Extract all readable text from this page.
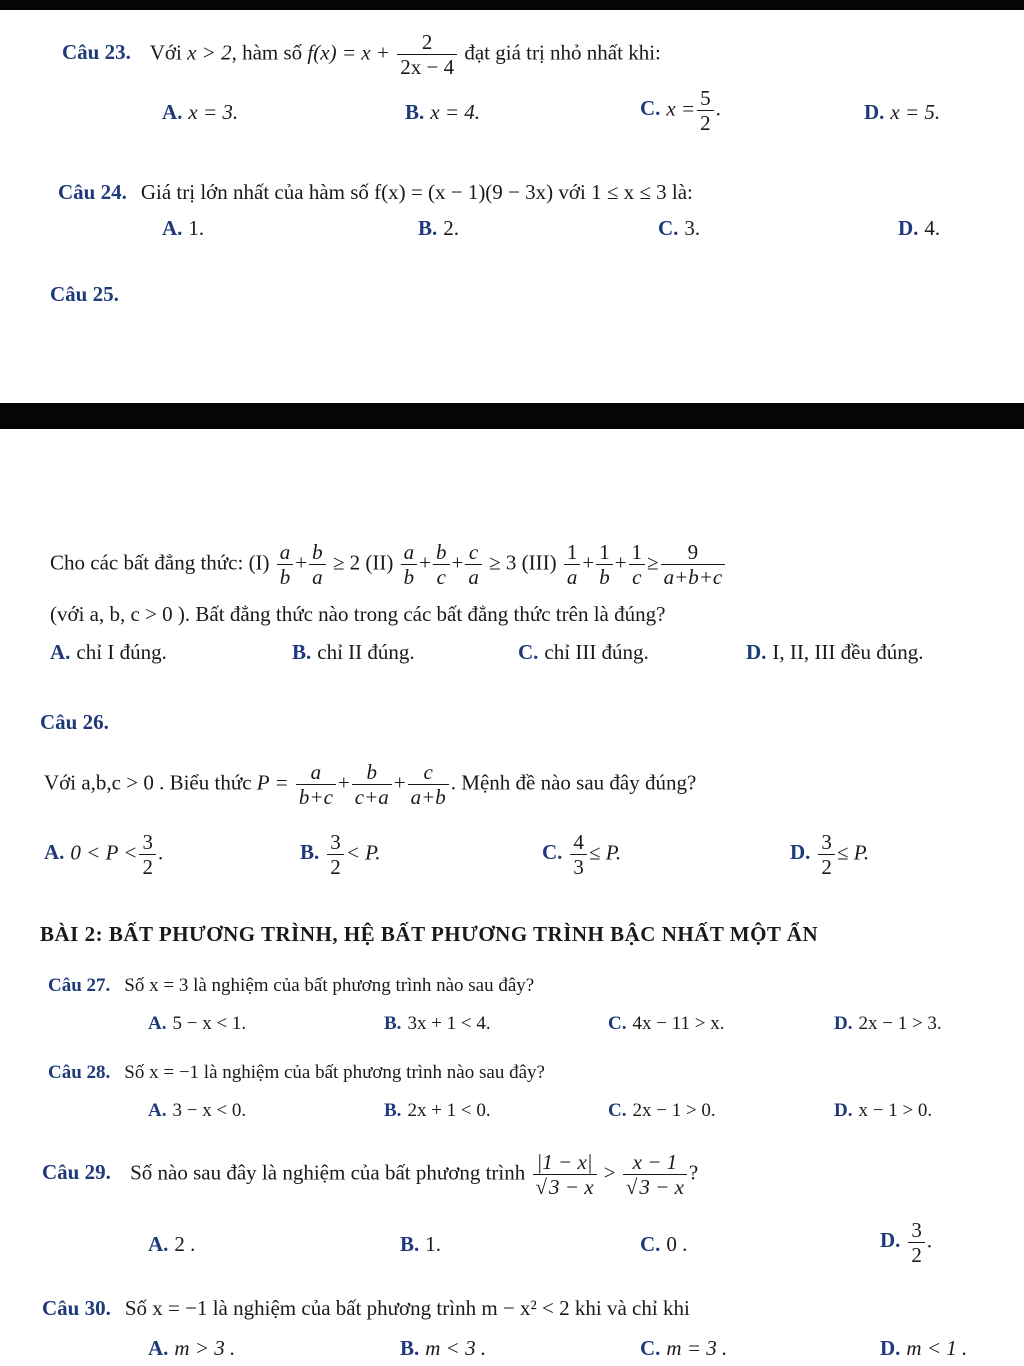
Câu 23. Với x > 2, hàm số $f(x) = x + \frac{2}{2x - 4}$ đạt giá trị nhỏ nhất khi:
A. x = 3.	B. x = 4.	C. $x = \frac{5}{2}$ .	D. x = 5.
Câu 24. Giá trị lớn nhất của hàm số f(x) = (x − 1)(9 − 3x) với 1 ≤ x ≤ 3 là:
A. 1.	B. 2.	C. 3.	D. 4.
Câu 25.
Cho các bất đẳng thức: $(I) \frac{a}{b} + \frac{b}{a} \ge 2$ $(II) \frac{a}{b} + \frac{b}{c} + \frac{c}{a} \ge 3$ $(III) \frac{1}{a} + \frac{1}{b} + \frac{1}{c} \ge \frac{9}{a+b+c}$
(với a, b, c > 0 ). Bất đẳng thức nào trong các bất đẳng thức trên là đúng?
A. chỉ I đúng.	B. chỉ II đúng.	C. chỉ III đúng.	D. I, II, III đều đúng.
Câu 26.
Với a,b,c > 0 . Biểu thức $P = \frac{a}{b+c} + \frac{b}{c+a} + \frac{c}{a+b}$ . Mệnh đề nào sau đây đúng?
A. $0 < P < \frac{3}{2}$ .	B. $\frac{3}{2} < P$.	C. $\frac{4}{3} \le P$.	D. $\frac{3}{2} \le P$.
BÀI 2: BẤT PHƯƠNG TRÌNH, HỆ BẤT PHƯƠNG TRÌNH BẬC NHẤT MỘT ẨN
Câu 27. Số x = 3 là nghiệm của bất phương trình nào sau đây?
A. 5 − x < 1.	B. 3x + 1 < 4.	C. 4x − 11 > x.	D. 2x − 1 > 3.
Câu 28. Số x = −1 là nghiệm của bất phương trình nào sau đây?
A. 3 − x < 0.	B. 2x + 1 < 0.	C. 2x − 1 > 0.	D. x − 1 > 0.
Câu 29. Số nào sau đây là nghiệm của bất phương trình $\frac{|1 - x|}{√3 - x} > \frac{x - 1}{√3 - x}$ ?
A. 2 .	B. 1.	C. 0 .	D. $\frac{3}{2}$ .
Câu 30. Số x = −1 là nghiệm của bất phương trình m − x² < 2 khi và chỉ khi
A. m > 3 .	B. m < 3 .	C. m = 3 .	D. m < 1 .
